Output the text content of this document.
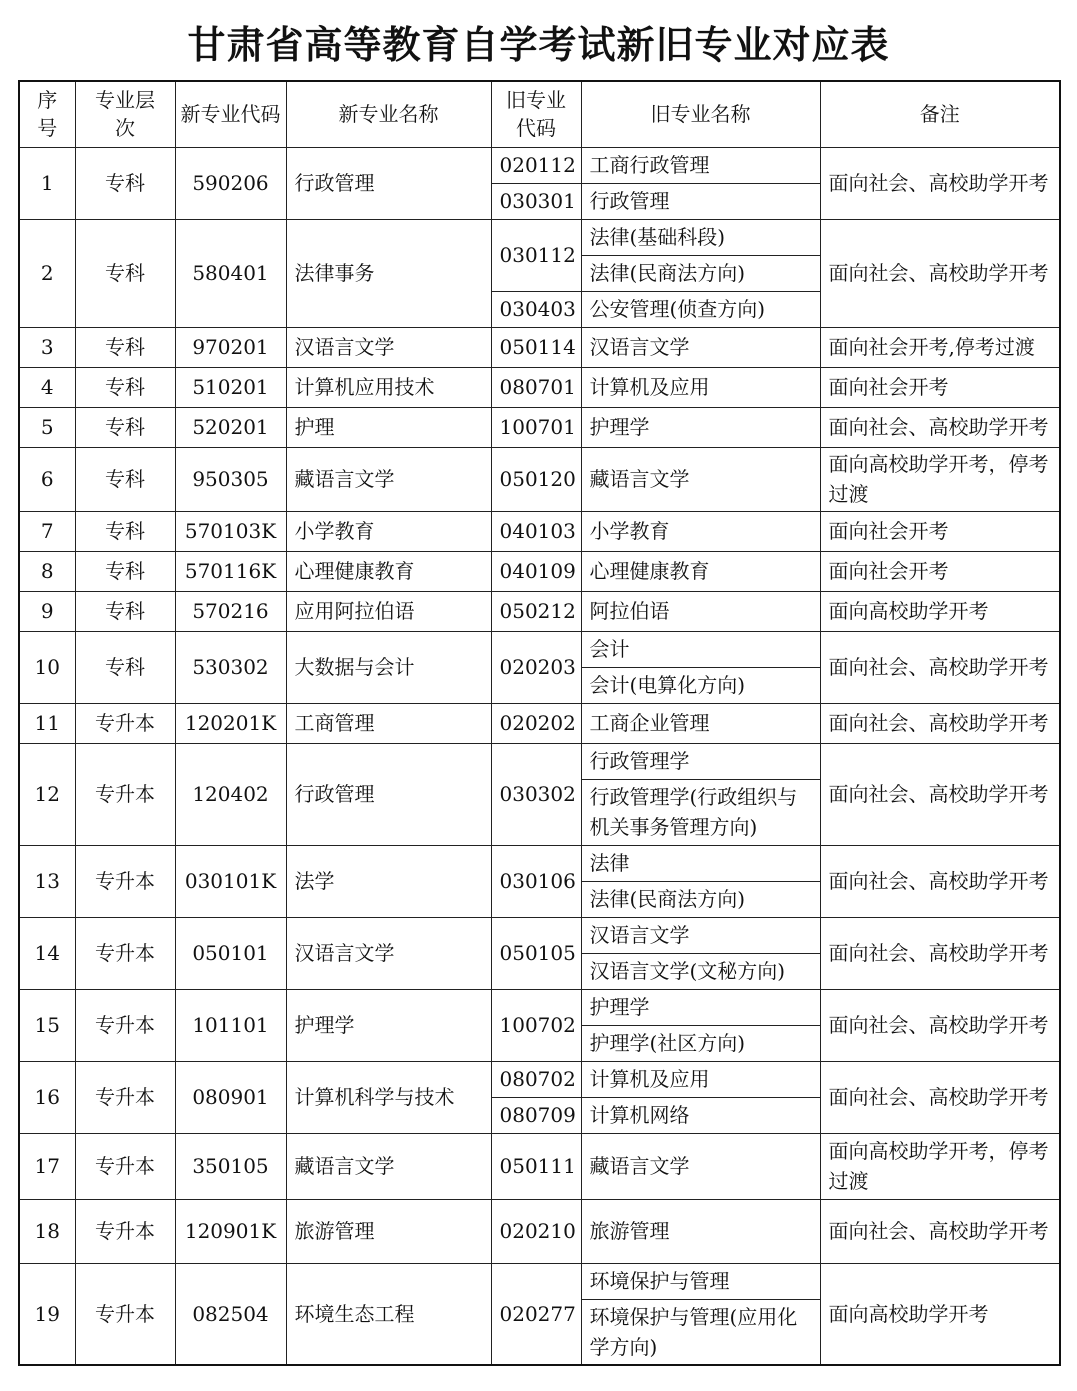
甘肃省高等教育自学考试新旧专业对应表
序号	专业层次	新专业代码	新专业名称	旧专业代码	旧专业名称	备注
1	专科	590206	行政管理	020112	工商行政管理	面向社会、高校助学开考
				030301	行政管理	
2	专科	580401	法律事务	030112	法律(基础科段)	面向社会、高校助学开考
					法律(民商法方向)	
				030403	公安管理(侦查方向)	
3	专科	970201	汉语言文学	050114	汉语言文学	面向社会开考,停考过渡
4	专科	510201	计算机应用技术	080701	计算机及应用	面向社会开考
5	专科	520201	护理	100701	护理学	面向社会、高校助学开考
6	专科	950305	藏语言文学	050120	藏语言文学	面向高校助学开考，停考过渡
7	专科	570103K	小学教育	040103	小学教育	面向社会开考
8	专科	570116K	心理健康教育	040109	心理健康教育	面向社会开考
9	专科	570216	应用阿拉伯语	050212	阿拉伯语	面向高校助学开考
10	专科	530302	大数据与会计	020203	会计	面向社会、高校助学开考
					会计(电算化方向)	
11	专升本	120201K	工商管理	020202	工商企业管理	面向社会、高校助学开考
12	专升本	120402	行政管理	030302	行政管理学	面向社会、高校助学开考
					行政管理学(行政组织与机关事务管理方向)	
13	专升本	030101K	法学	030106	法律	面向社会、高校助学开考
					法律(民商法方向)	
14	专升本	050101	汉语言文学	050105	汉语言文学	面向社会、高校助学开考
					汉语言文学(文秘方向)	
15	专升本	101101	护理学	100702	护理学	面向社会、高校助学开考
					护理学(社区方向)	
16	专升本	080901	计算机科学与技术	080702	计算机及应用	面向社会、高校助学开考
				080709	计算机网络	
17	专升本	350105	藏语言文学	050111	藏语言文学	面向高校助学开考，停考过渡
18	专升本	120901K	旅游管理	020210	旅游管理	面向社会、高校助学开考
19	专升本	082504	环境生态工程	020277	环境保护与管理	面向高校助学开考
					环境保护与管理(应用化学方向)	
